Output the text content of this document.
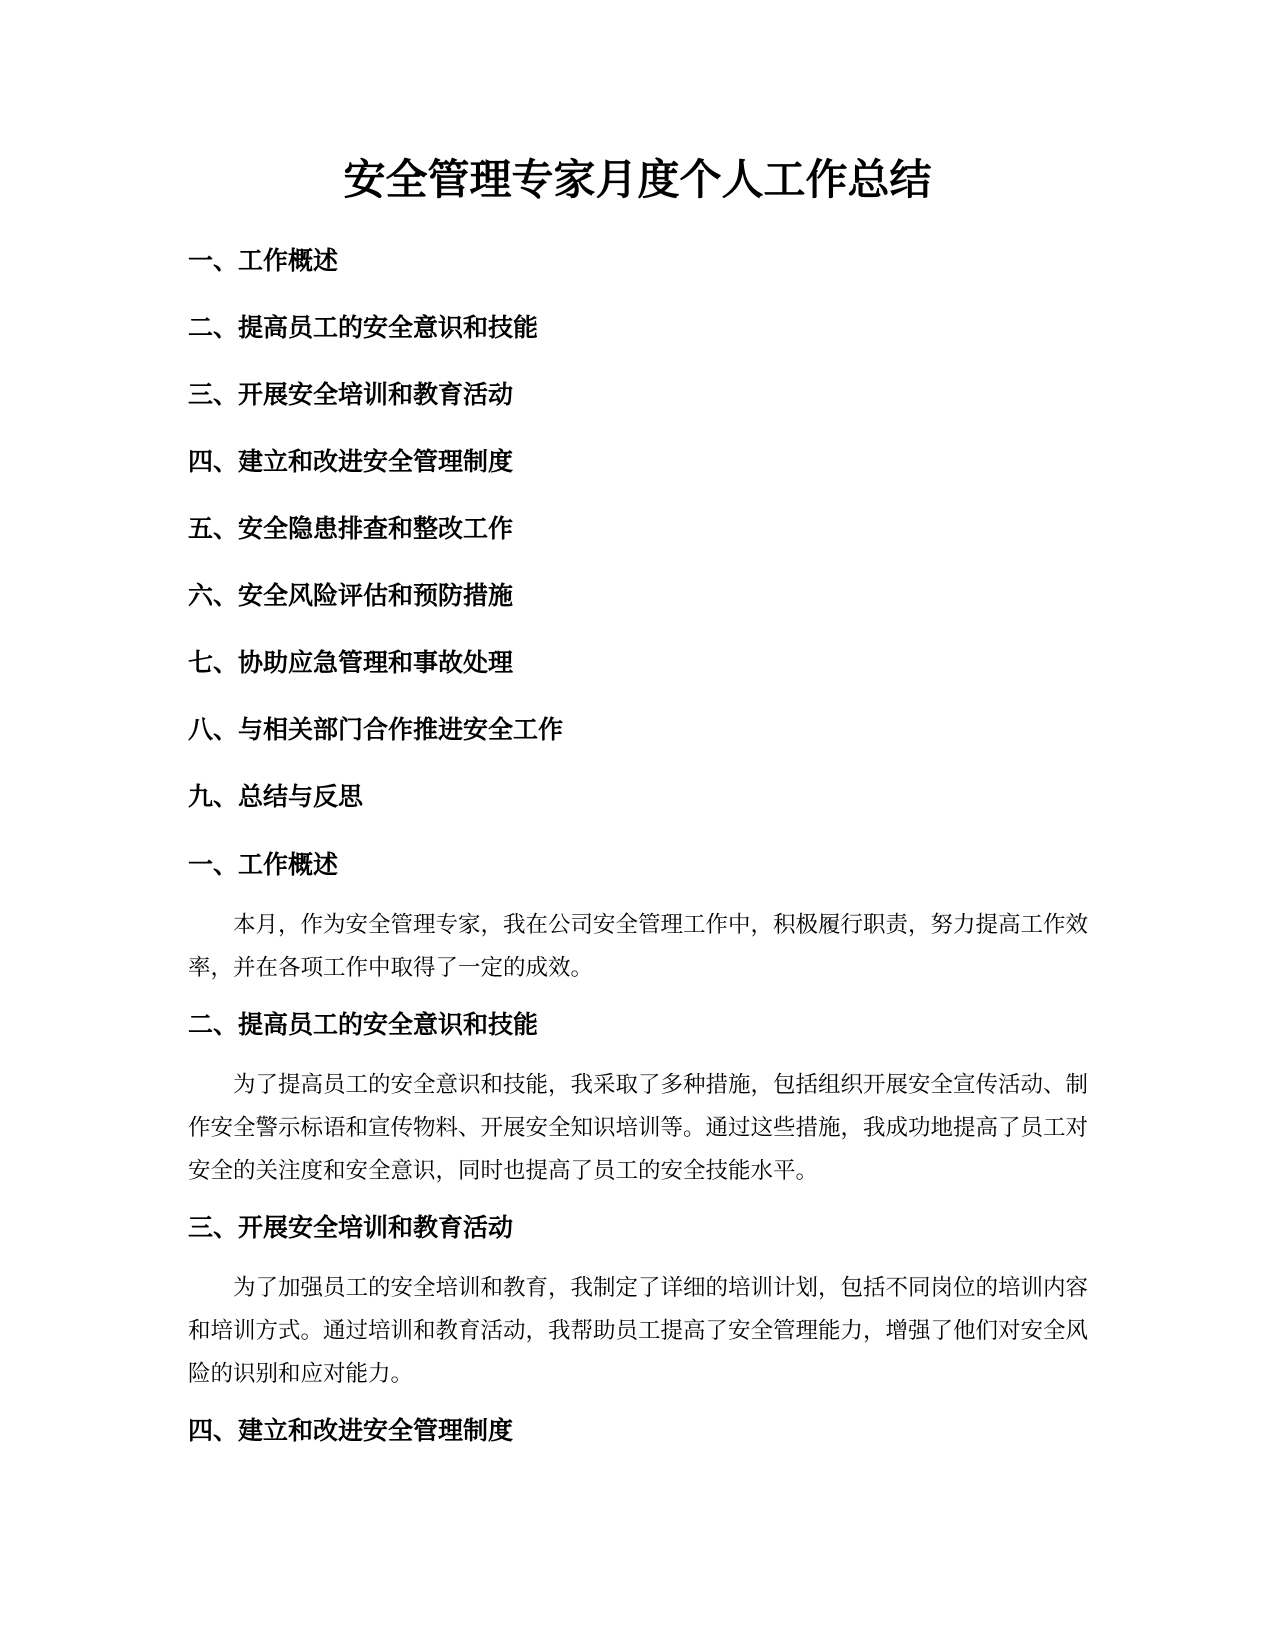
安全管理专家月度个人工作总结
一、工作概述
二、提高员工的安全意识和技能
三、开展安全培训和教育活动
四、建立和改进安全管理制度
五、安全隐患排查和整改工作
六、安全风险评估和预防措施
七、协助应急管理和事故处理
八、与相关部门合作推进安全工作
九、总结与反思
一、工作概述

本月，作为安全管理专家，我在公司安全管理工作中，积极履行职责，努力提高工作效率，并在各项工作中取得了一定的成效。

二、提高员工的安全意识和技能

为了提高员工的安全意识和技能，我采取了多种措施，包括组织开展安全宣传活动、制作安全警示标语和宣传物料、开展安全知识培训等。通过这些措施，我成功地提高了员工对安全的关注度和安全意识，同时也提高了员工的安全技能水平。

三、开展安全培训和教育活动

为了加强员工的安全培训和教育，我制定了详细的培训计划，包括不同岗位的培训内容和培训方式。通过培训和教育活动，我帮助员工提高了安全管理能力，增强了他们对安全风险的识别和应对能力。

四、建立和改进安全管理制度
